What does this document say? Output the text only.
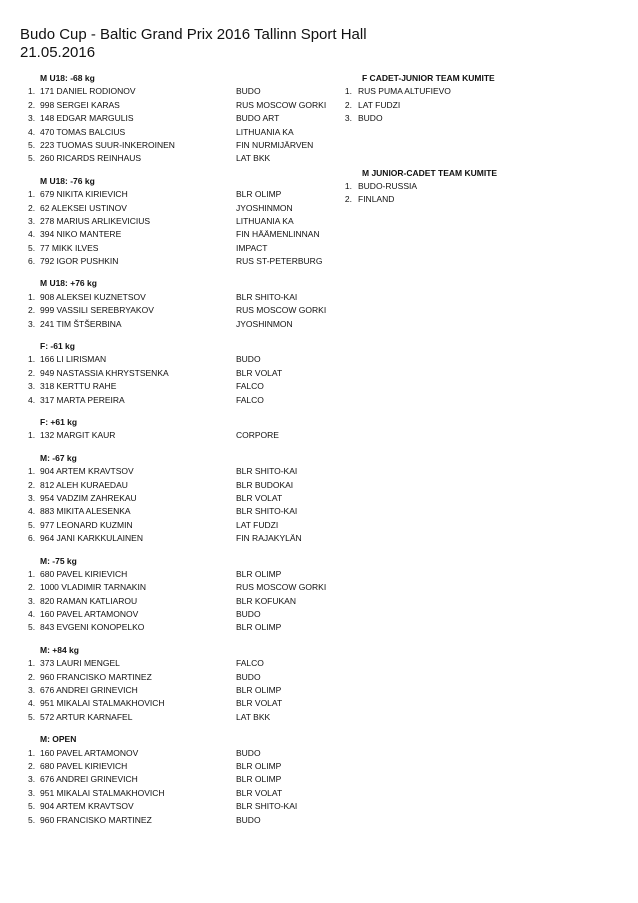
Budo Cup - Baltic Grand Prix 2016 Tallinn Sport Hall
21.05.2016
M U18: -68 kg
1. 171 DANIEL RODIONOV	BUDO
2. 998 SERGEI KARAS	RUS MOSCOW GORKI
3. 148 EDGAR MARGULIS	BUDO ART
4. 470 TOMAS BALCIUS	LITHUANIA KA
5. 223 TUOMAS SUUR-INKEROINEN	FIN NURMIJÄRVEN
5. 260 RICARDS REINHAUS	LAT BKK
M U18: -76 kg
1. 679 NIKITA KIRIEVICH	BLR OLIMP
2. 62 ALEKSEI USTINOV	JYOSHINMON
3. 278 MARIUS ARLIKEVICIUS	LITHUANIA KA
4. 394 NIKO MANTERE	FIN HÄÄMENLINNAN
5. 77 MIKK ILVES	IMPACT
6. 792 IGOR PUSHKIN	RUS ST-PETERBURG
M U18: +76 kg
1. 908 ALEKSEI KUZNETSOV	BLR SHITO-KAI
2. 999 VASSILI SEREBRYAKOV	RUS MOSCOW GORKI
3. 241 TIM ŠTŠERBINA	JYOSHINMON
F: -61 kg
1. 166 LI LIRISMAN	BUDO
2. 949 NASTASSIA KHRYSTSENKA	BLR VOLAT
3. 318 KERTTU RAHE	FALCO
4. 317 MARTA PEREIRA	FALCO
F: +61 kg
1. 132 MARGIT KAUR	CORPORE
M: -67 kg
1. 904 ARTEM KRAVTSOV	BLR SHITO-KAI
2. 812 ALEH KURAEDAU	BLR BUDOKAI
3. 954 VADZIM ZAHREKAU	BLR VOLAT
4. 883 MIKITA ALESENKA	BLR SHITO-KAI
5. 977 LEONARD KUZMIN	LAT FUDZI
6. 964 JANI KARKKULAINEN	FIN RAJAKYLÄN
M: -75 kg
1. 680 PAVEL KIRIEVICH	BLR OLIMP
2. 1000 VLADIMIR TARNAKIN	RUS MOSCOW GORKI
3. 820 RAMAN KATLIAROU	BLR KOFUKAN
4. 160 PAVEL ARTAMONOV	BUDO
5. 843 EVGENI KONOPELKO	BLR OLIMP
M: +84 kg
1. 373 LAURI MENGEL	FALCO
2. 960 FRANCISKO MARTINEZ	BUDO
3. 676 ANDREI GRINEVICH	BLR OLIMP
4. 951 MIKALAI STALMAKHOVICH	BLR VOLAT
5. 572 ARTUR KARNAFEL	LAT BKK
M: OPEN
1. 160 PAVEL ARTAMONOV	BUDO
2. 680 PAVEL KIRIEVICH	BLR OLIMP
3. 676 ANDREI GRINEVICH	BLR OLIMP
3. 951 MIKALAI STALMAKHOVICH	BLR VOLAT
5. 904 ARTEM KRAVTSOV	BLR SHITO-KAI
5. 960 FRANCISKO MARTINEZ	BUDO
F CADET-JUNIOR TEAM KUMITE
1. RUS PUMA ALTUFIEVO
2. LAT FUDZI
3. BUDO
M JUNIOR-CADET TEAM KUMITE
1. BUDO-RUSSIA
2. FINLAND
